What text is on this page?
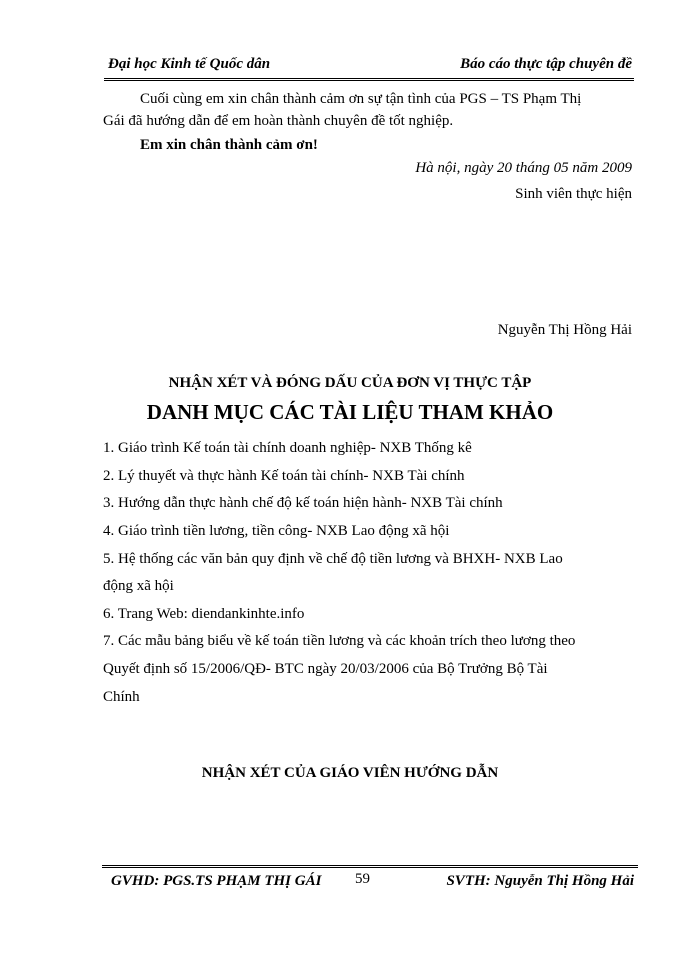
Đại học Kinh tế Quốc dân	Báo cáo thực tập chuyên đề
Cuối cùng em xin chân thành cảm ơn sự tận tình của PGS – TS Phạm Thị
Gái đã hướng dẫn để em hoàn thành chuyên đề tốt nghiệp.
Em xin chân thành cảm ơn!
Hà nội, ngày 20 tháng 05 năm 2009
Sinh viên thực hiện
Nguyễn Thị Hồng Hải
NHẬN XÉT VÀ ĐÓNG DẤU CỦA ĐƠN VỊ THỰC TẬP
DANH MỤC CÁC TÀI LIỆU THAM KHẢO
1. Giáo trình Kế toán tài chính doanh nghiệp- NXB Thống kê
2. Lý thuyết và thực hành Kế toán tài chính- NXB Tài chính
3. Hướng dẫn thực hành chế độ kế toán hiện hành- NXB Tài chính
4. Giáo trình tiền lương, tiền công- NXB Lao động xã hội
5. Hệ thống các văn bản quy định về chế độ tiền lương và BHXH- NXB Lao
động xã hội
6. Trang Web: diendankinhte.info
7. Các mẫu bảng biểu về kế toán tiền lương và các khoản trích theo lương theo
Quyết định số 15/2006/QĐ- BTC ngày 20/03/2006 của Bộ Trưởng Bộ Tài
Chính
NHẬN XÉT CỦA GIÁO VIÊN HƯỚNG DẪN
GVHD: PGS.TS PHẠM THỊ GÁI 59	SVTH: Nguyễn Thị Hồng Hải
